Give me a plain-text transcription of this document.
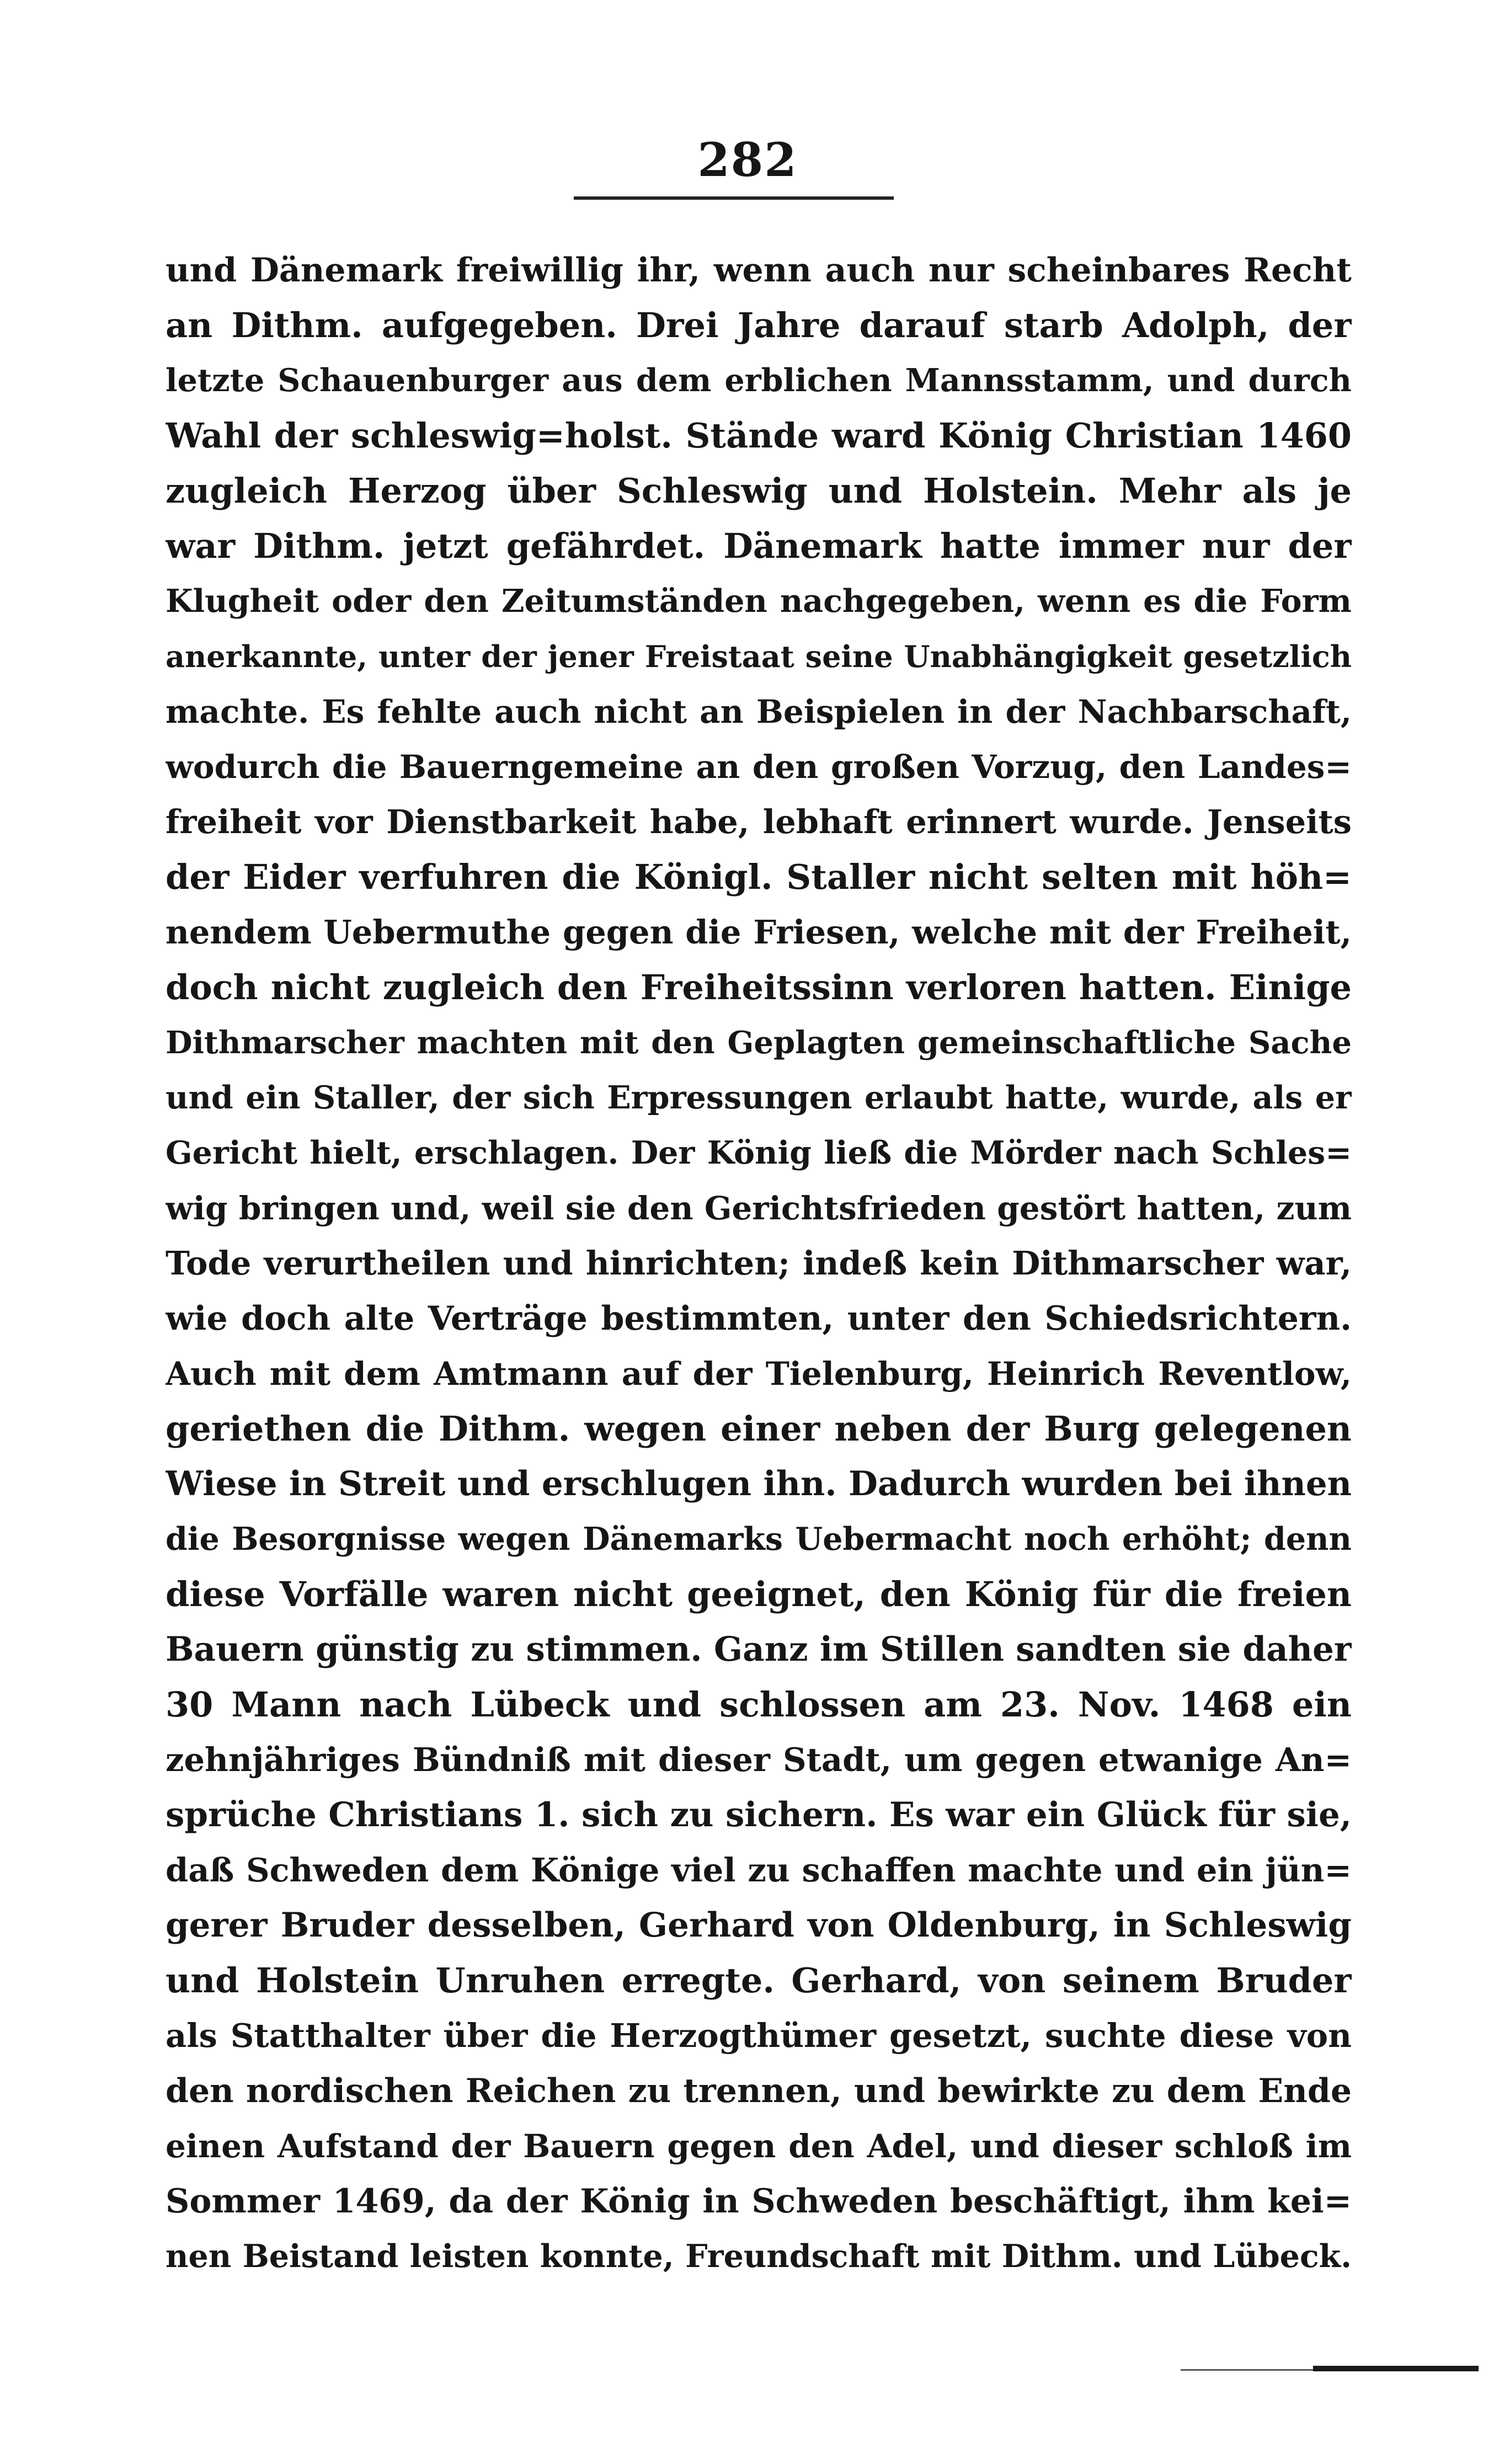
282
und Dänemark freiwillig ihr, wenn auch nur scheinbares Recht
an Dithm. aufgegeben. Drei Jahre darauf starb Adolph, der
letzte Schauenburger aus dem erblichen Mannsstamm, und durch
Wahl der schleswig=holst. Stände ward König Christian 1460
zugleich Herzog über Schleswig und Holstein. Mehr als je
war Dithm. jetzt gefährdet. Dänemark hatte immer nur der
Klugheit oder den Zeitumständen nachgegeben, wenn es die Form
anerkannte, unter der jener Freistaat seine Unabhängigkeit gesetzlich
machte. Es fehlte auch nicht an Beispielen in der Nachbarschaft,
wodurch die Bauerngemeine an den großen Vorzug, den Landes=
freiheit vor Dienstbarkeit habe, lebhaft erinnert wurde. Jenseits
der Eider verfuhren die Königl. Staller nicht selten mit höh=
nendem Uebermuthe gegen die Friesen, welche mit der Freiheit,
doch nicht zugleich den Freiheitssinn verloren hatten. Einige
Dithmarscher machten mit den Geplagten gemeinschaftliche Sache
und ein Staller, der sich Erpressungen erlaubt hatte, wurde, als er
Gericht hielt, erschlagen. Der König ließ die Mörder nach Schles=
wig bringen und, weil sie den Gerichtsfrieden gestört hatten, zum
Tode verurtheilen und hinrichten; indeß kein Dithmarscher war,
wie doch alte Verträge bestimmten, unter den Schiedsrichtern.
Auch mit dem Amtmann auf der Tielenburg, Heinrich Reventlow,
geriethen die Dithm. wegen einer neben der Burg gelegenen
Wiese in Streit und erschlugen ihn. Dadurch wurden bei ihnen
die Besorgnisse wegen Dänemarks Uebermacht noch erhöht; denn
diese Vorfälle waren nicht geeignet, den König für die freien
Bauern günstig zu stimmen. Ganz im Stillen sandten sie daher
30 Mann nach Lübeck und schlossen am 23. Nov. 1468 ein
zehnjähriges Bündniß mit dieser Stadt, um gegen etwanige An=
sprüche Christians 1. sich zu sichern. Es war ein Glück für sie,
daß Schweden dem Könige viel zu schaffen machte und ein jün=
gerer Bruder desselben, Gerhard von Oldenburg, in Schleswig
und Holstein Unruhen erregte. Gerhard, von seinem Bruder
als Statthalter über die Herzogthümer gesetzt, suchte diese von
den nordischen Reichen zu trennen, und bewirkte zu dem Ende
einen Aufstand der Bauern gegen den Adel, und dieser schloß im
Sommer 1469, da der König in Schweden beschäftigt, ihm kei=
nen Beistand leisten konnte, Freundschaft mit Dithm. und Lübeck.
